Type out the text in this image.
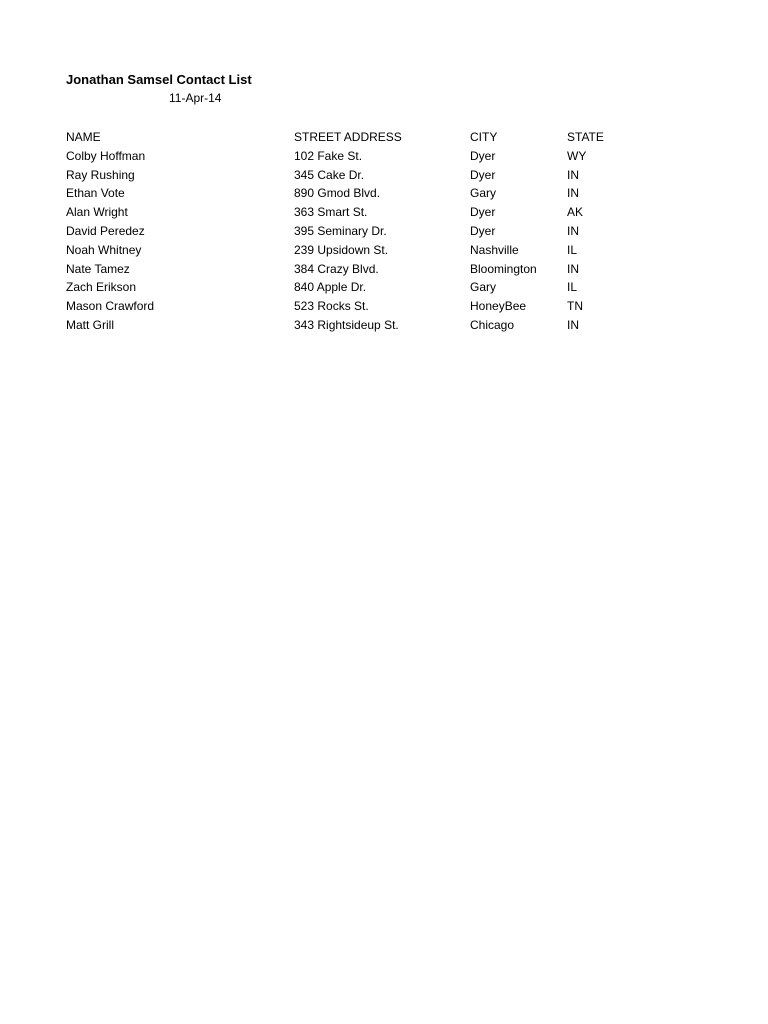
Jonathan Samsel Contact List
11-Apr-14
NAME	STREET ADDRESS	CITY	STATE
Colby Hoffman	102 Fake St.	Dyer	WY
Ray Rushing	345 Cake Dr.	Dyer	IN
Ethan Vote	890 Gmod Blvd.	Gary	IN
Alan Wright	363 Smart St.	Dyer	AK
David Peredez	395 Seminary Dr.	Dyer	IN
Noah Whitney	239 Upsidown St.	Nashville	IL
Nate Tamez	384 Crazy Blvd.	Bloomington	IN
Zach Erikson	840 Apple Dr.	Gary	IL
Mason Crawford	523 Rocks St.	HoneyBee	TN
Matt Grill	343 Rightsideup St.	Chicago	IN
